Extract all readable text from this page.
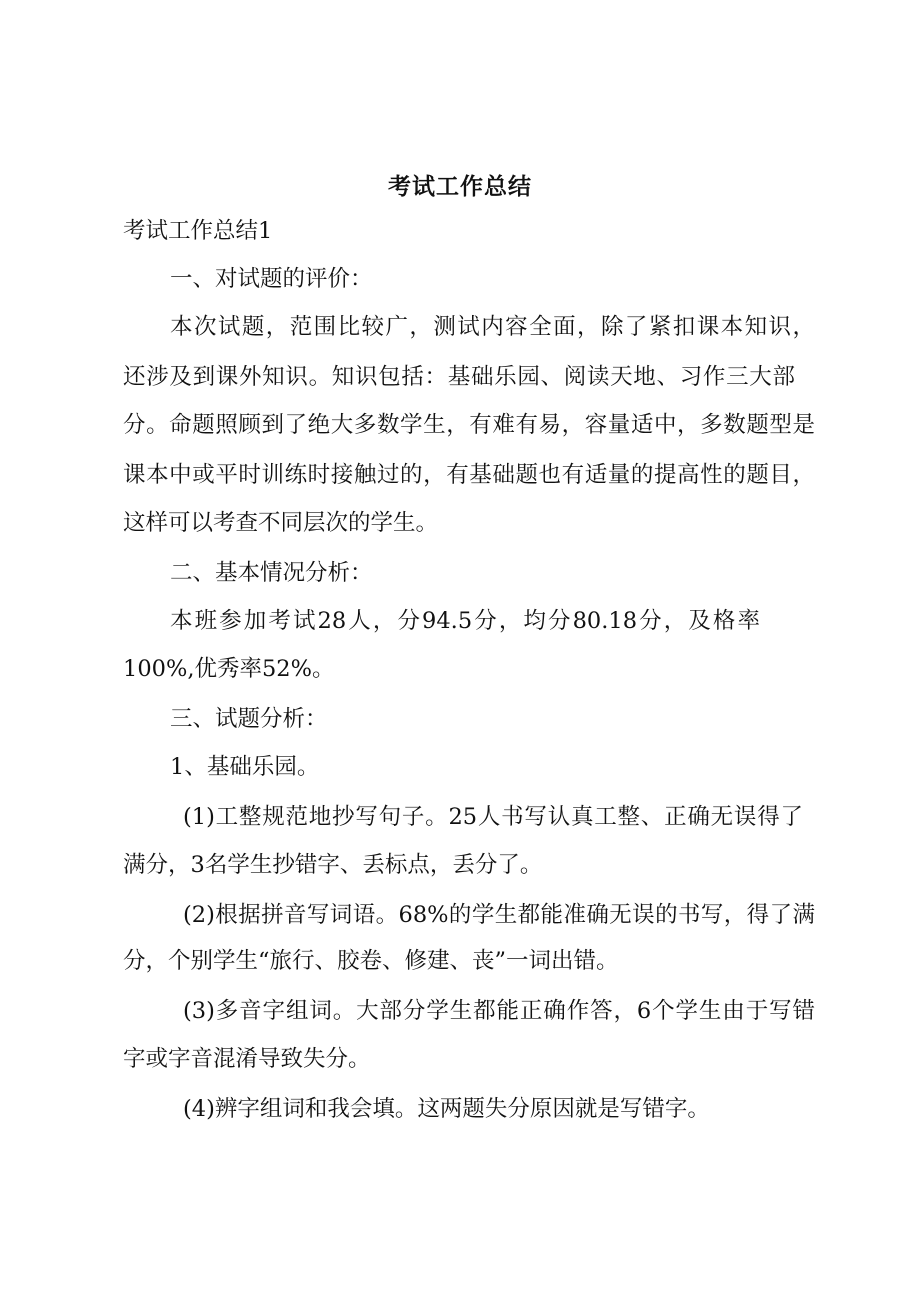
考试工作总结
考试工作总结1
一、对试题的评价：
本次试题，范围比较广，测试内容全面，除了紧扣课本知识，
还涉及到课外知识。知识包括：基础乐园、阅读天地、习作三大部
分。命题照顾到了绝大多数学生，有难有易，容量适中，多数题型是
课本中或平时训练时接触过的，有基础题也有适量的提高性的题目，
这样可以考查不同层次的学生。
二、基本情况分析：
本班参加考试28人，分94.5分，均分80.18分，及格率
100%,优秀率52%。
三、试题分析：
1、基础乐园。
(1)工整规范地抄写句子。25人书写认真工整、正确无误得了
满分，3名学生抄错字、丢标点，丢分了。
(2)根据拼音写词语。68%的学生都能准确无误的书写，得了满
分，个别学生“旅行、胶卷、修建、丧”一词出错。
(3)多音字组词。大部分学生都能正确作答，6个学生由于写错
字或字音混淆导致失分。
(4)辨字组词和我会填。这两题失分原因就是写错字。
